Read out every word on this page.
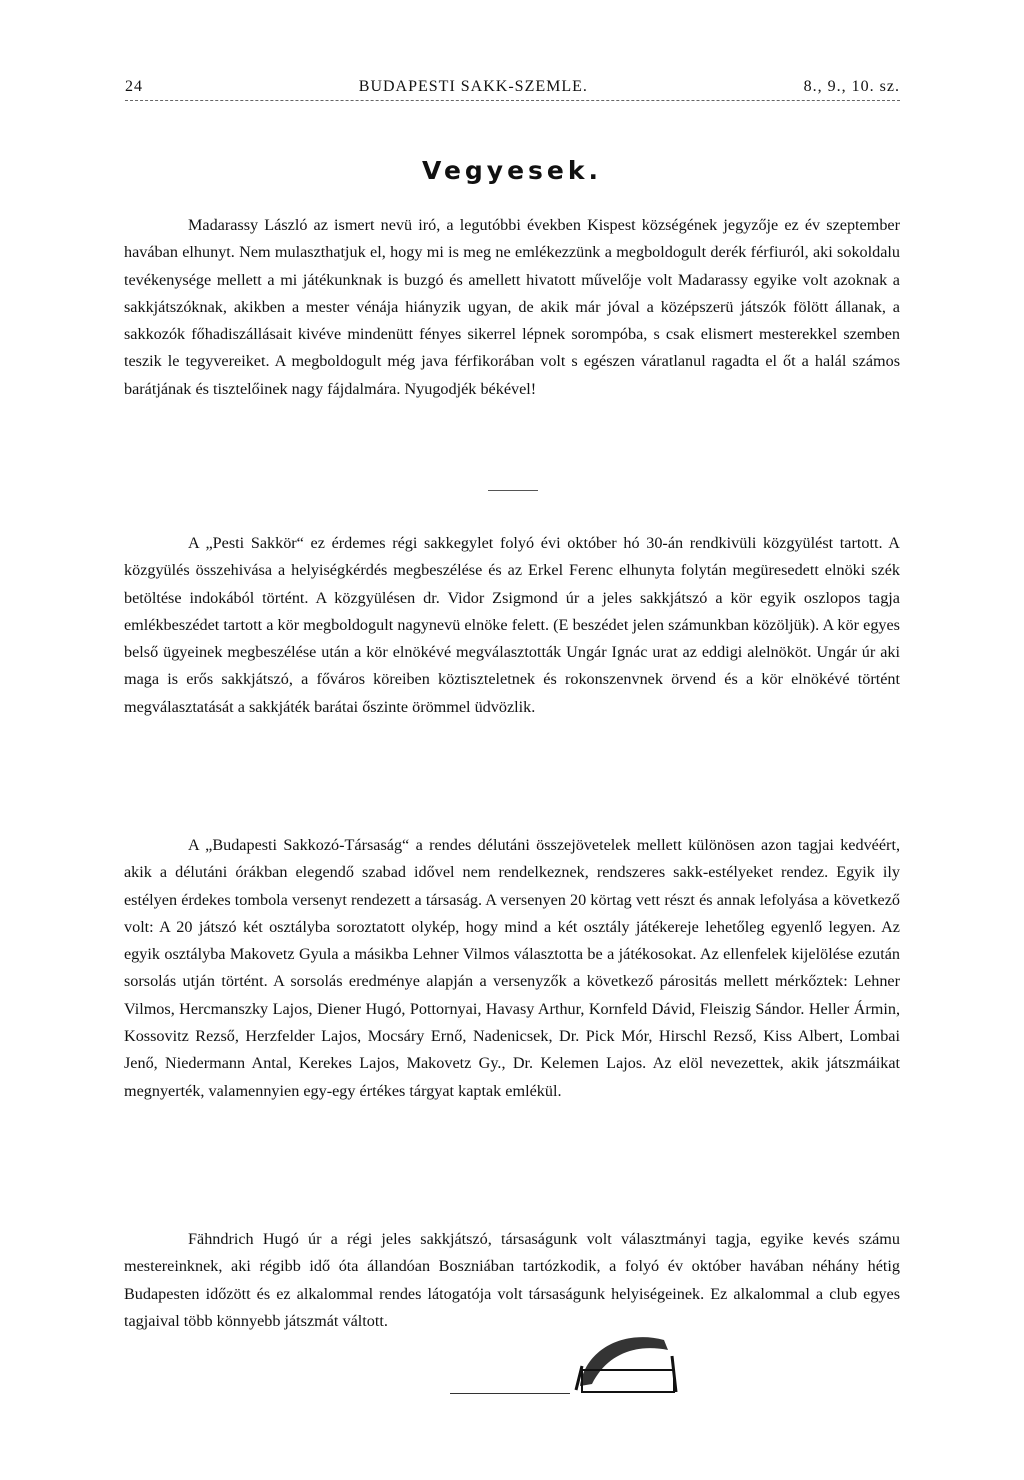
24	BUDAPESTI SAKK-SZEMLE.	8., 9., 10. sz.
Vegyesek.

Madarassy László az ismert nevü iró, a legutóbbi években Kispest községének jegyzője ez év szeptember havában elhunyt. Nem mulaszthatjuk el, hogy mi is meg ne emlékezzünk a megboldogult derék férfiuról, aki sokoldalu tevékenysége mellett a mi játékunknak is buzgó és amellett hivatott művelője volt Madarassy egyike volt azoknak a sakkjátszóknak, akikben a mester vénája hiányzik ugyan, de akik már jóval a középszerü játszók fölött állanak, a sakkozók főhadiszállásait kivéve mindenütt fényes sikerrel lépnek sorompóba, s csak elismert mesterekkel szemben teszik le tegyvereiket. A megboldogult még java férfikorában volt s egészen váratlanul ragadta el őt a halál számos barátjának és tisztelőinek nagy fájdalmára. Nyugodjék békével!

A „Pesti Sakkör“ ez érdemes régi sakkegylet folyó évi október hó 30-án rendkivüli közgyülést tartott. A közgyülés összehivása a helyiségkérdés megbeszélése és az Erkel Ferenc elhunyta folytán megüresedett elnöki szék betöltése indokából történt. A közgyülésen dr. Vidor Zsigmond úr a jeles sakkjátszó a kör egyik oszlopos tagja emlékbeszédet tartott a kör megboldogult nagynevü elnöke felett. (E beszédet jelen számunkban közöljük). A kör egyes belső ügyeinek megbeszélése után a kör elnökévé megválasztották Ungár Ignác urat az eddigi alelnököt. Ungár úr aki maga is erős sakkjátszó, a főváros köreiben köztiszteletnek és rokonszenvnek örvend és a kör elnökévé történt megválasztatását a sakkjáték barátai őszinte örömmel üdvözlik.

A „Budapesti Sakkozó-Társaság“ a rendes délutáni összejövetelek mellett különösen azon tagjai kedvéért, akik a délutáni órákban elegendő szabad idővel nem rendelkeznek, rendszeres sakk-estélyeket rendez. Egyik ily estélyen érdekes tombola versenyt rendezett a társaság. A versenyen 20 körtag vett részt és annak lefolyása a következő volt: A 20 játszó két osztályba soroztatott olykép, hogy mind a két osztály játékereje lehetőleg egyenlő legyen. Az egyik osztályba Makovetz Gyula a másikba Lehner Vilmos választotta be a játékosokat. Az ellenfelek kijelölése ezután sorsolás utján történt. A sorsolás eredménye alapján a versenyzők a következő párositás mellett mérkőztek: Lehner Vilmos, Hercmanszky Lajos, Diener Hugó, Pottornyai, Havasy Arthur, Kornfeld Dávid, Fleiszig Sándor. Heller Ármin, Kossovitz Rezső, Herzfelder Lajos, Mocsáry Ernő, Nadenicsek, Dr. Pick Mór, Hirschl Rezső, Kiss Albert, Lombai Jenő, Niedermann Antal, Kerekes Lajos, Makovetz Gy., Dr. Kelemen Lajos. Az elöl nevezettek, akik játszmáikat megnyerték, valamennyien egy-egy értékes tárgyat kaptak emlékül.

Fähndrich Hugó úr a régi jeles sakkjátszó, társaságunk volt választmányi tagja, egyike kevés számu mestereinknek, aki régibb idő óta állandóan Boszniában tartózkodik, a folyó év október havában néhány hétig Budapesten időzött és ez alkalommal rendes látogatója volt társaságunk helyiségeinek. Ez alkalommal a club egyes tagjaival több könnyebb játszmát váltott.
